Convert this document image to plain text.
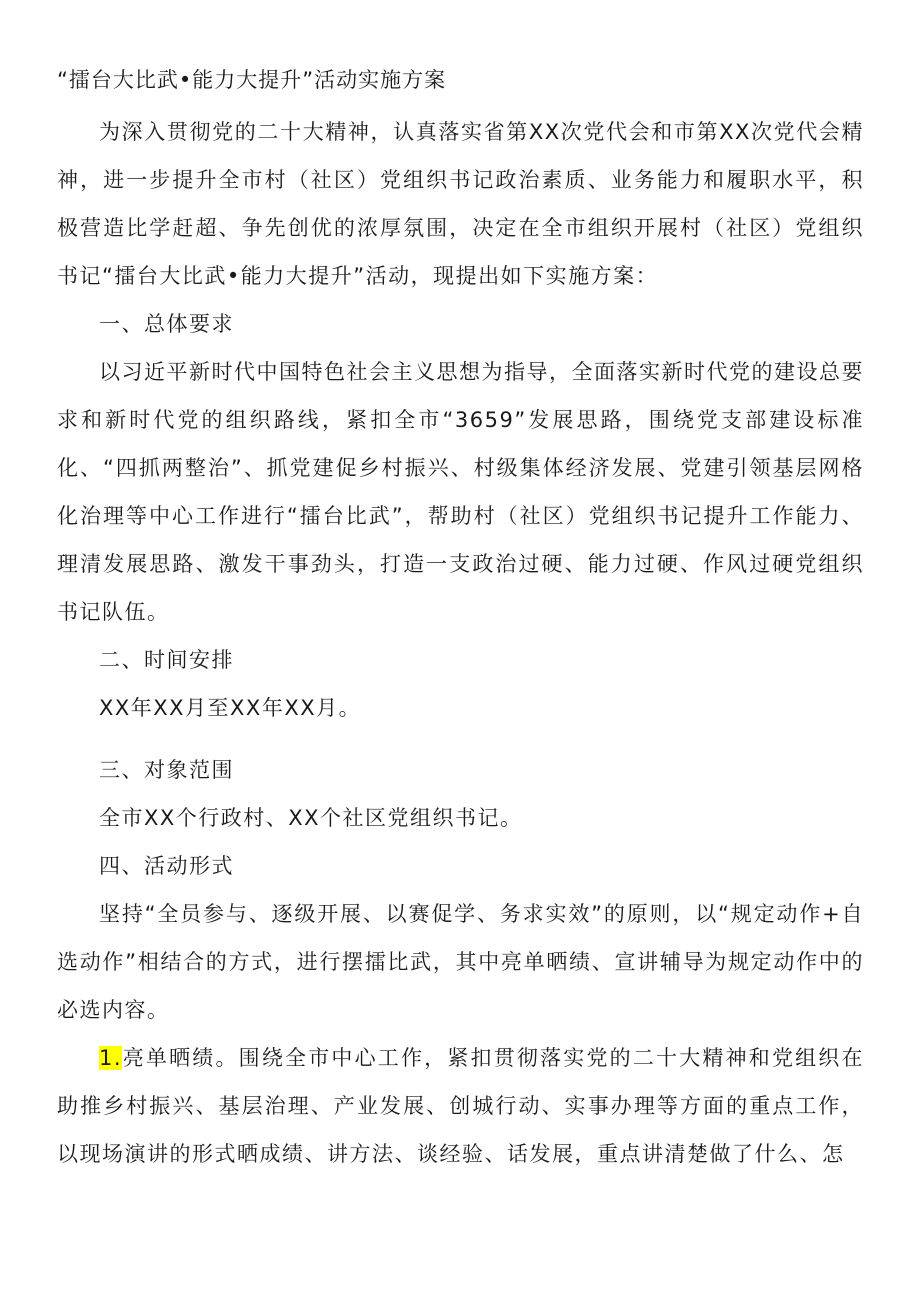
“擂台大比武•能力大提升”活动实施方案

为深入贯彻党的二十大精神，认真落实省第XX次党代会和市第XX次党代会精神，进一步提升全市村（社区）党组织书记政治素质、业务能力和履职水平，积极营造比学赶超、争先创优的浓厚氛围，决定在全市组织开展村（社区）党组织书记“擂台大比武•能力大提升”活动，现提出如下实施方案：

一、总体要求

以习近平新时代中国特色社会主义思想为指导，全面落实新时代党的建设总要求和新时代党的组织路线，紧扣全市“3659”发展思路，围绕党支部建设标准化、“四抓两整治”、抓党建促乡村振兴、村级集体经济发展、党建引领基层网格化治理等中心工作进行“擂台比武”，帮助村（社区）党组织书记提升工作能力、理清发展思路、激发干事劲头，打造一支政治过硬、能力过硬、作风过硬党组织书记队伍。

二、时间安排

XX年XX月至XX年XX月。

三、对象范围

全市XX个行政村、XX个社区党组织书记。

四、活动形式

坚持“全员参与、逐级开展、以赛促学、务求实效”的原则，以“规定动作+自选动作”相结合的方式，进行摆擂比武，其中亮单晒绩、宣讲辅导为规定动作中的必选内容。

1.亮单晒绩。围绕全市中心工作，紧扣贯彻落实党的二十大精神和党组织在助推乡村振兴、基层治理、产业发展、创城行动、实事办理等方面的重点工作，以现场演讲的形式晒成绩、讲方法、谈经验、话发展，重点讲清楚做了什么、怎
